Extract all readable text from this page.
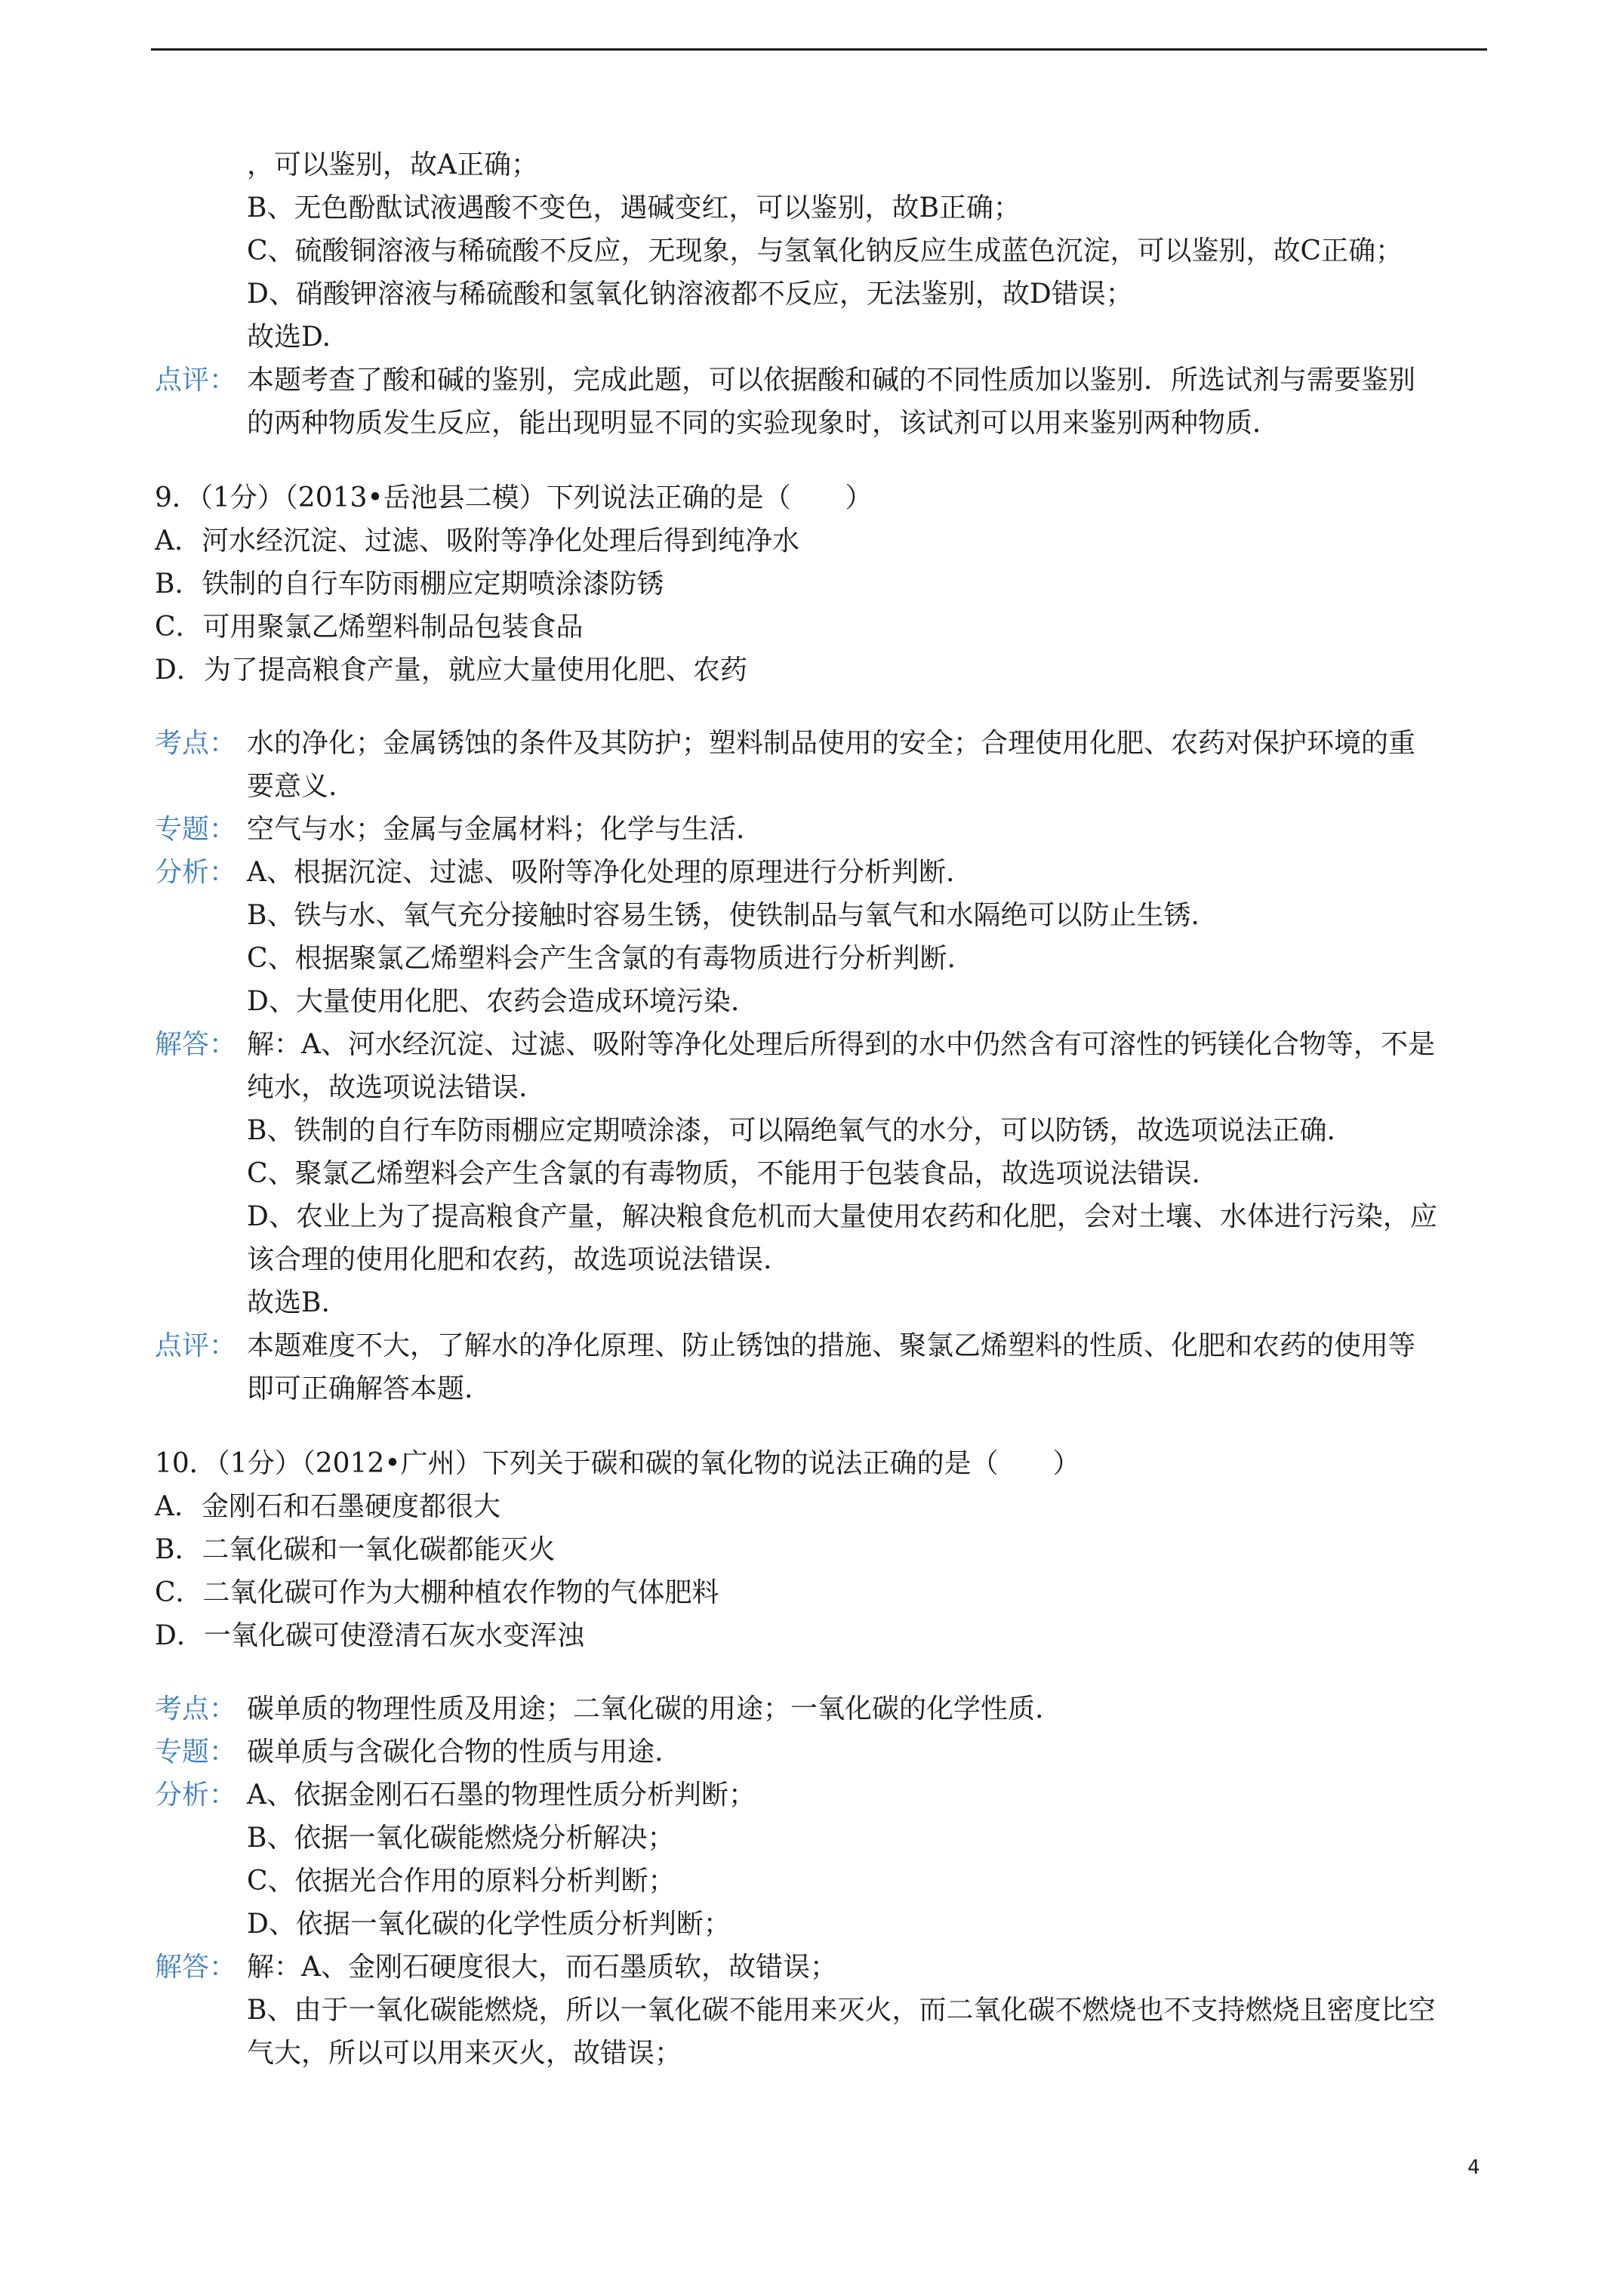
，可以鉴别，故A正确；
B、无色酚酞试液遇酸不变色，遇碱变红，可以鉴别，故B正确；
C、硫酸铜溶液与稀硫酸不反应，无现象，与氢氧化钠反应生成蓝色沉淀，可以鉴别，故C正确；
D、硝酸钾溶液与稀硫酸和氢氧化钠溶液都不反应，无法鉴别，故D错误；
故选D.
点评： 本题考查了酸和碱的鉴别，完成此题，可以依据酸和碱的不同性质加以鉴别．所选试剂与需要鉴别
的两种物质发生反应，能出现明显不同的实验现象时，该试剂可以用来鉴别两种物质．
9．（1分）（2013•岳池县二模）下列说法正确的是（　　）
A．河水经沉淀、过滤、吸附等净化处理后得到纯净水
B．铁制的自行车防雨棚应定期喷涂漆防锈
C．可用聚氯乙烯塑料制品包装食品
D．为了提高粮食产量，就应大量使用化肥、农药
考点： 水的净化；金属锈蚀的条件及其防护；塑料制品使用的安全；合理使用化肥、农药对保护环境的重
要意义.
专题： 空气与水；金属与金属材料；化学与生活.
分析： A、根据沉淀、过滤、吸附等净化处理的原理进行分析判断.
B、铁与水、氧气充分接触时容易生锈，使铁制品与氧气和水隔绝可以防止生锈.
C、根据聚氯乙烯塑料会产生含氯的有毒物质进行分析判断.
D、大量使用化肥、农药会造成环境污染.
解答： 解：A、河水经沉淀、过滤、吸附等净化处理后所得到的水中仍然含有可溶性的钙镁化合物等，不是
纯水，故选项说法错误.
B、铁制的自行车防雨棚应定期喷涂漆，可以隔绝氧气的水分，可以防锈，故选项说法正确.
C、聚氯乙烯塑料会产生含氯的有毒物质，不能用于包装食品，故选项说法错误.
D、农业上为了提高粮食产量，解决粮食危机而大量使用农药和化肥，会对土壤、水体进行污染，应
该合理的使用化肥和农药，故选项说法错误.
故选B.
点评： 本题难度不大，了解水的净化原理、防止锈蚀的措施、聚氯乙烯塑料的性质、化肥和农药的使用等
即可正确解答本题.
10．（1分）（2012•广州）下列关于碳和碳的氧化物的说法正确的是（　　）
A．金刚石和石墨硬度都很大
B．二氧化碳和一氧化碳都能灭火
C．二氧化碳可作为大棚种植农作物的气体肥料
D．一氧化碳可使澄清石灰水变浑浊
考点： 碳单质的物理性质及用途；二氧化碳的用途；一氧化碳的化学性质.
专题： 碳单质与含碳化合物的性质与用途.
分析： A、依据金刚石石墨的物理性质分析判断；
B、依据一氧化碳能燃烧分析解决；
C、依据光合作用的原料分析判断；
D、依据一氧化碳的化学性质分析判断；
解答： 解：A、金刚石硬度很大，而石墨质软，故错误；
B、由于一氧化碳能燃烧，所以一氧化碳不能用来灭火，而二氧化碳不燃烧也不支持燃烧且密度比空
气大，所以可以用来灭火，故错误；
4
